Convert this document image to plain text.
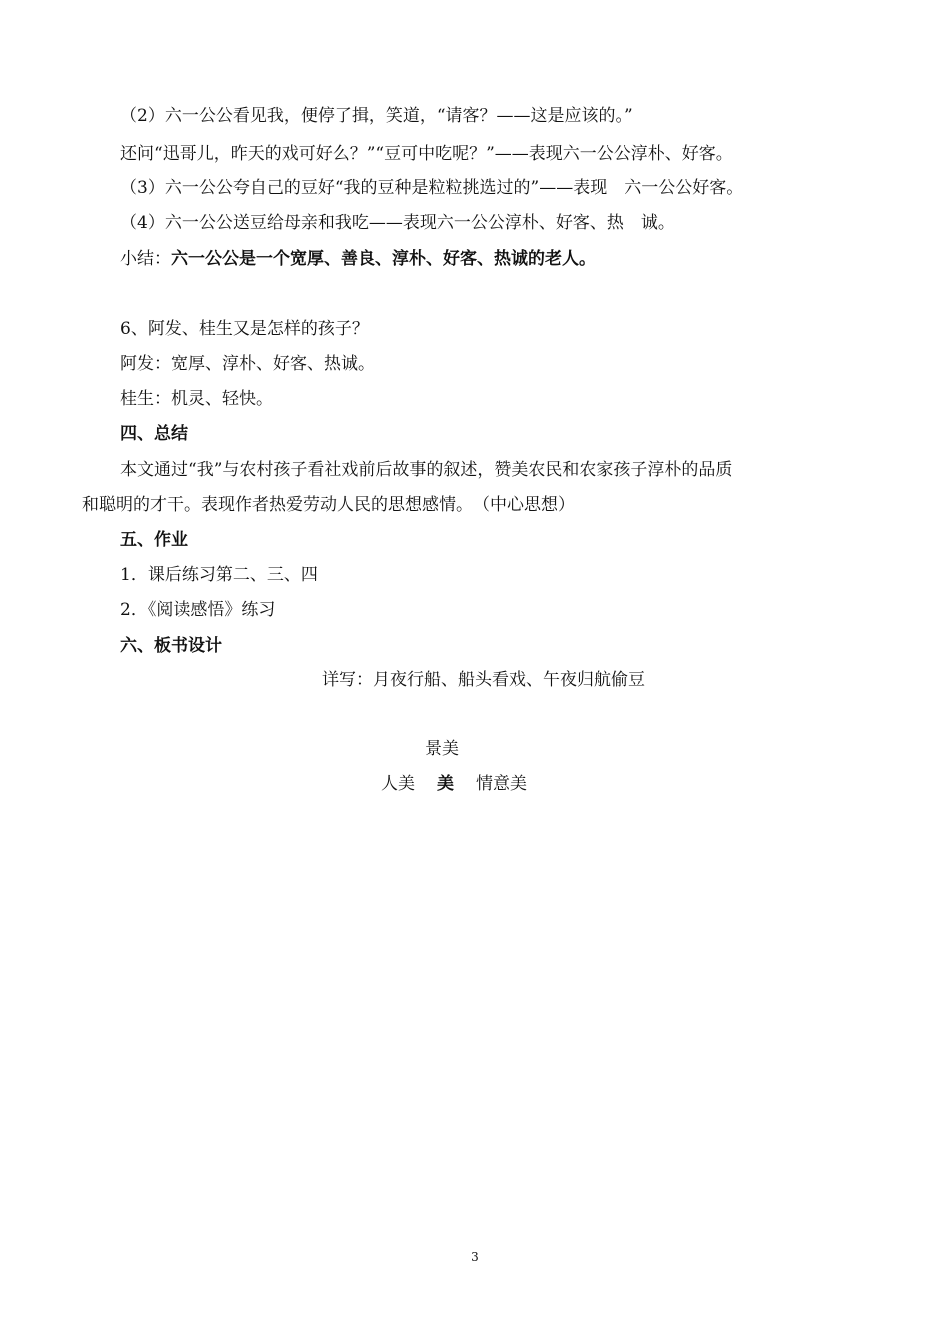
（2）六一公公看见我，便停了揖，笑道，“请客？——这是应该的。”
还问“迅哥儿，昨天的戏可好么？”“豆可中吃呢？”——表现六一公公淳朴、好客。
（3）六一公公夸自己的豆好“我的豆种是粒粒挑选过的”——表现　六一公公好客。
（4）六一公公送豆给母亲和我吃——表现六一公公淳朴、好客、热　诚。
小结：六一公公是一个宽厚、善良、淳朴、好客、热诚的老人。
6、阿发、桂生又是怎样的孩子？
阿发：宽厚、淳朴、好客、热诚。
桂生：机灵、轻快。
四、总结
本文通过“我”与农村孩子看社戏前后故事的叙述，赞美农民和农家孩子淳朴的品质
和聪明的才干。表现作者热爱劳动人民的思想感情。　（中心思想）
五、作业
1．课后练习第二、三、四
2．《阅读感悟》练习
六、板书设计
详写：月夜行船、船头看戏、午夜归航偷豆
景美
人美 美 情意美
3
